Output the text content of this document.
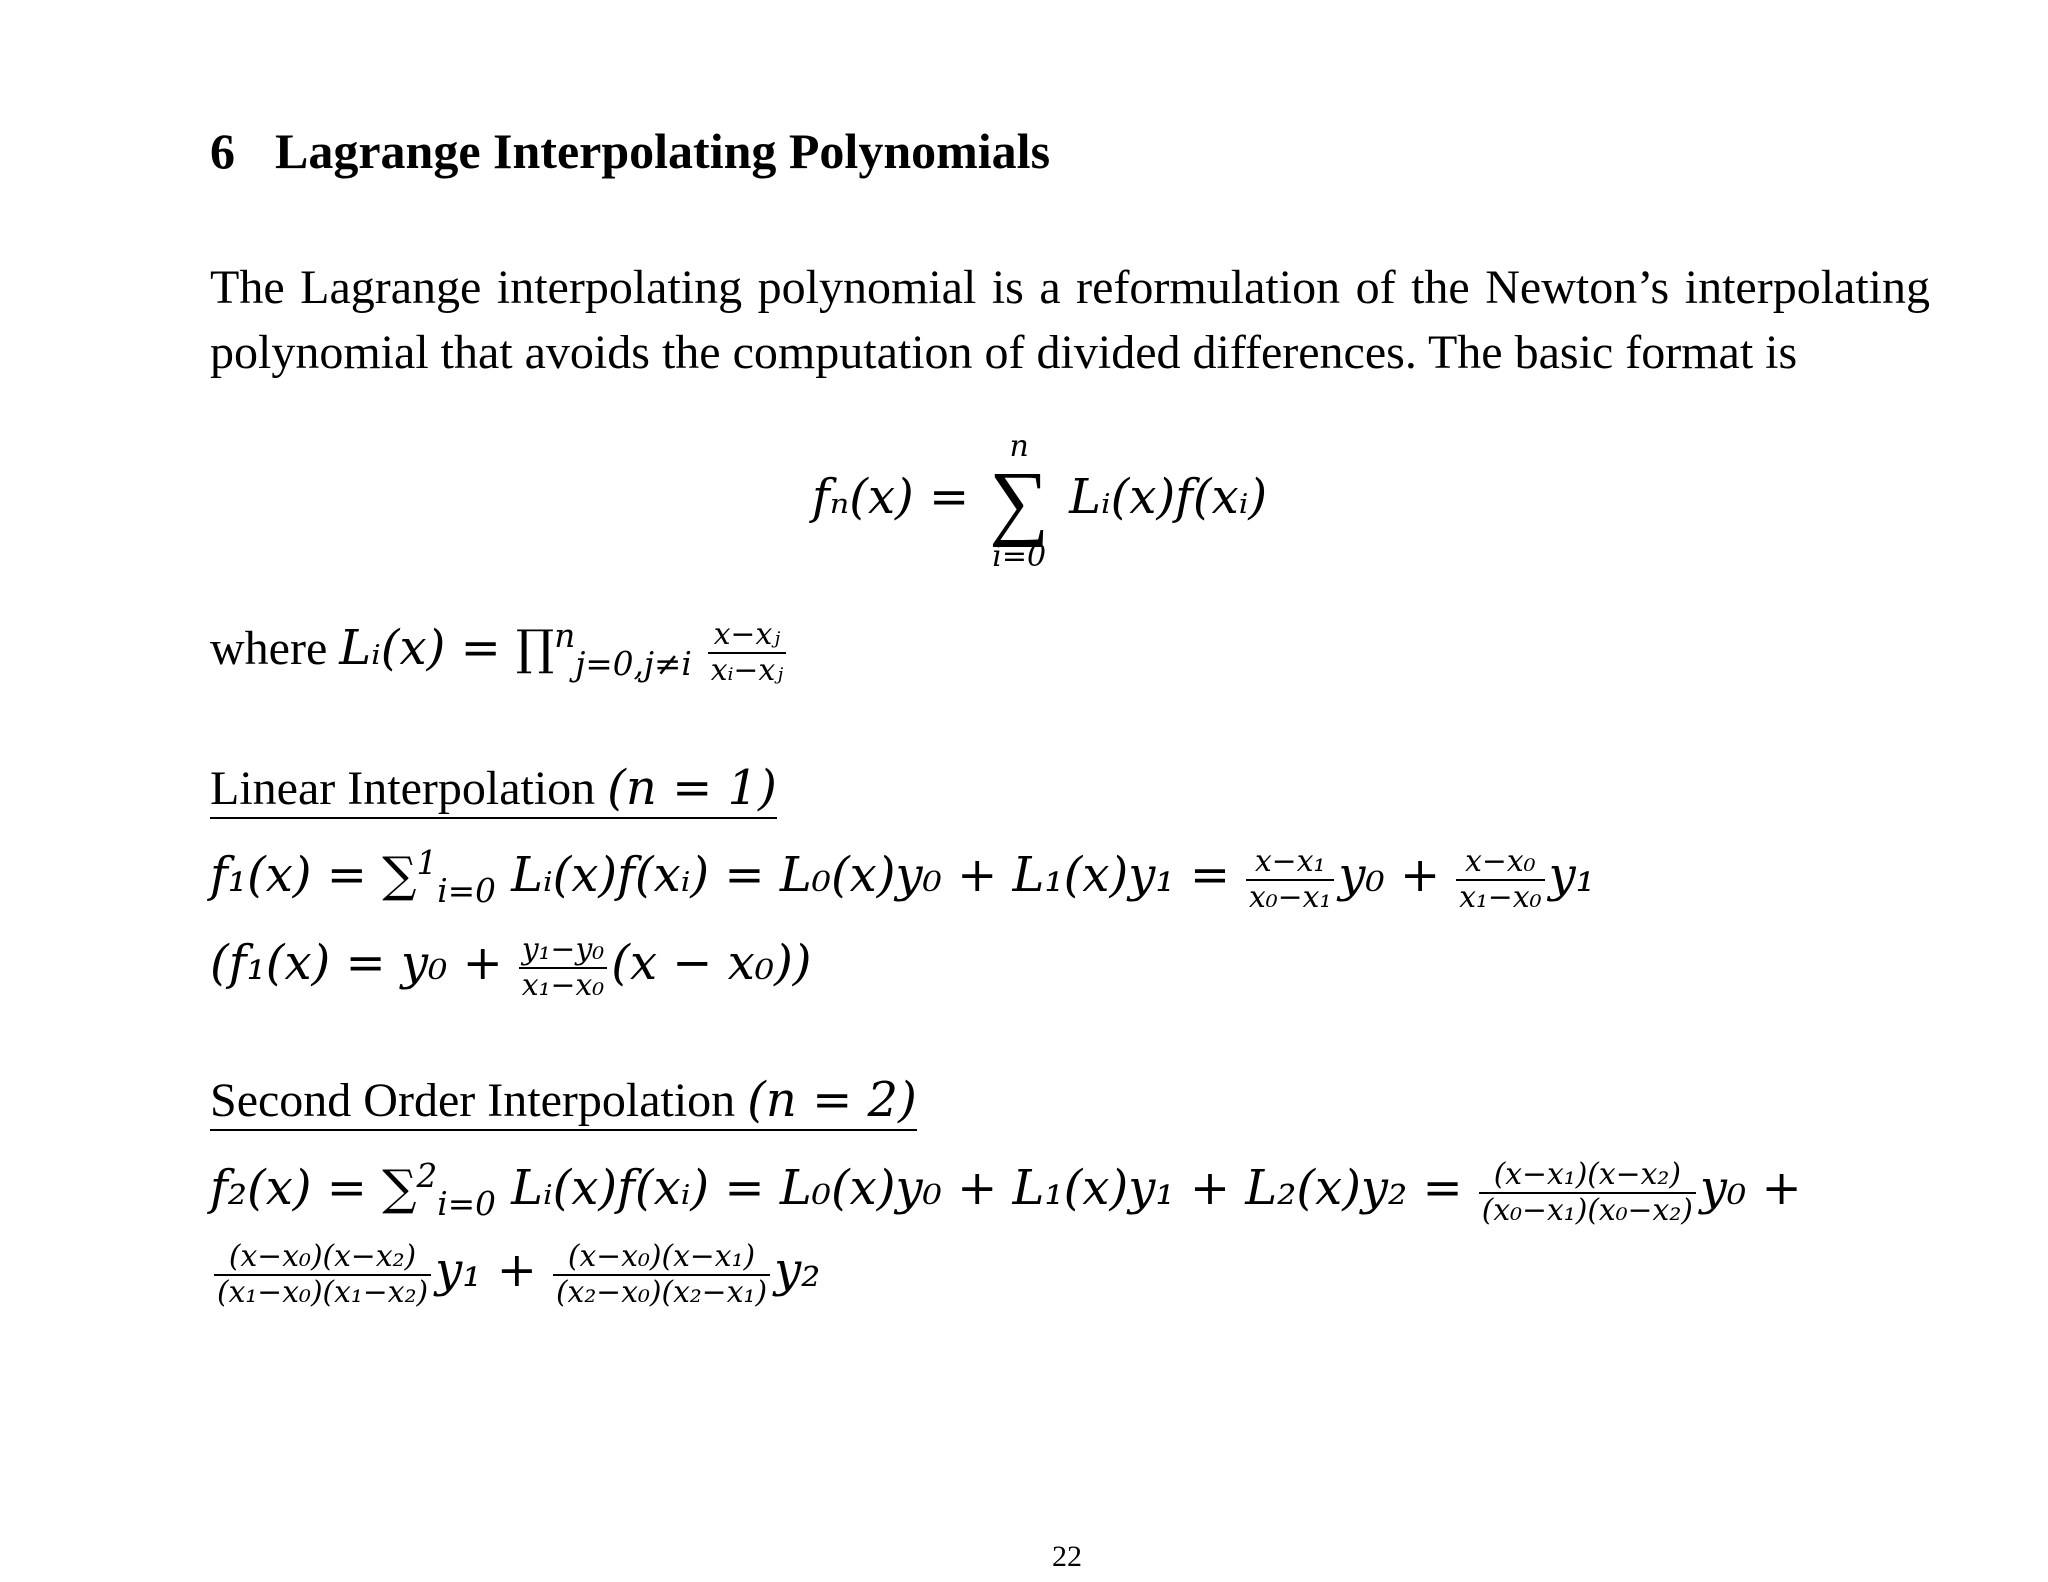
6 Lagrange Interpolating Polynomials
The Lagrange interpolating polynomial is a reformulation of the Newton’s interpolating polynomial that avoids the computation of divided differences. The basic format is
fₙ(x) =
n
∑
i=0
Lᵢ(x)f(xᵢ)
where Lᵢ(x) = ∏$^n_{j=0,j\ne i}$ $\frac{\text{x−xⱼ}}{\text{xᵢ−xⱼ}}$
Linear Interpolation (n = 1)
f₁(x) = ∑$^1_{i=0}$ Lᵢ(x)f(xᵢ) = $L_0(x)y_0 + L_1(x)y_1 = \frac{\text{x−x₁}}{\text{x₀−x₁}} y_0 + \frac{\text{x−x₀}}{\text{x₁−x₀}} y_1$
$(f_1(x) = y_0 + \frac{\text{y₁−y₀}}{\text{x₁−x₀}} (x - x_0))$
Second Order Interpolation (n = 2)
f₂(x) = ∑$^2_{i=0}$ Lᵢ(x)f(xᵢ) = $L_0(x)y_0 + L_1(x)y_1 + L_2(x)y_2 = \frac{\text{(x−x₁)(x−x₂)}}{\text{(x₀−x₁)(x₀−x₂)}} y_0$ +
$\frac{\text{(x−x₀)(x−x₂)}}{\text{(x₁−x₀)(x₁−x₂)}} y_1 + \frac{\text{(x−x₀)(x−x₁)}}{\text{(x₂−x₀)(x₂−x₁)}} y_2$
22
